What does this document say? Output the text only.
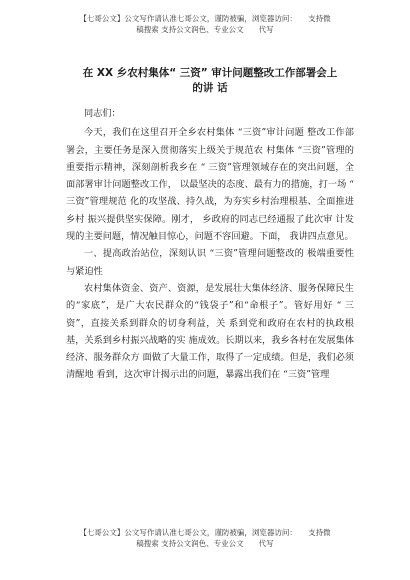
【七哥公文】公文写作请认准七哥公文，谨防被骗，浏览器访问：　　支持微
稿搜索 支持公文润色、专业公文　　代写
在 XX 乡农村集体“ 三资” 审计问题整改工作部署会上
的讲 话

同志们：

今天，我们在这里召开全乡农村集体 “三资”审计问题 整改工作部署会，主要任务是深入贯彻落实上级关于规范农 村集体 “三资”管理的重要指示精神，深刻剖析我乡在 “ 三资”管理领域存在的突出问题，全面部署审计问题整改工作， 以最坚决的态度、最有力的措施，打一场 “ 三资”管理规范 化的攻坚战、持久战，为夯实乡村治理根基、全面推进乡村 振兴提供坚实保障。刚才， 乡政府的同志已经通报了此次审 计发现的主要问题，情况触目惊心，问题不容回避。下面， 我讲四点意见。

一、提高政治站位，深刻认识 “三资”管理问题整改的 极端重要性与紧迫性

农村集体资金、资产、资源，是发展壮大集体经济、服务保障民生的“家底”，是广大农民群众的“钱袋子”和“命根子”。管好用好 “ 三资”，直接关系到群众的切身利益，关 系到党和政府在农村的执政根基，关系到乡村振兴战略的实 施成效。长期以来，我乡各村在发展集体经济、服务群众方 面做了大量工作，取得了一定成绩。但是，我们必须清醒地 看到，这次审计揭示出的问题，暴露出我们在 “三资”管理

【七哥公文】公文写作请认准七哥公文，谨防被骗，浏览器访问：　　支持微
稿搜索 支持公文润色、专业公文　　代写
